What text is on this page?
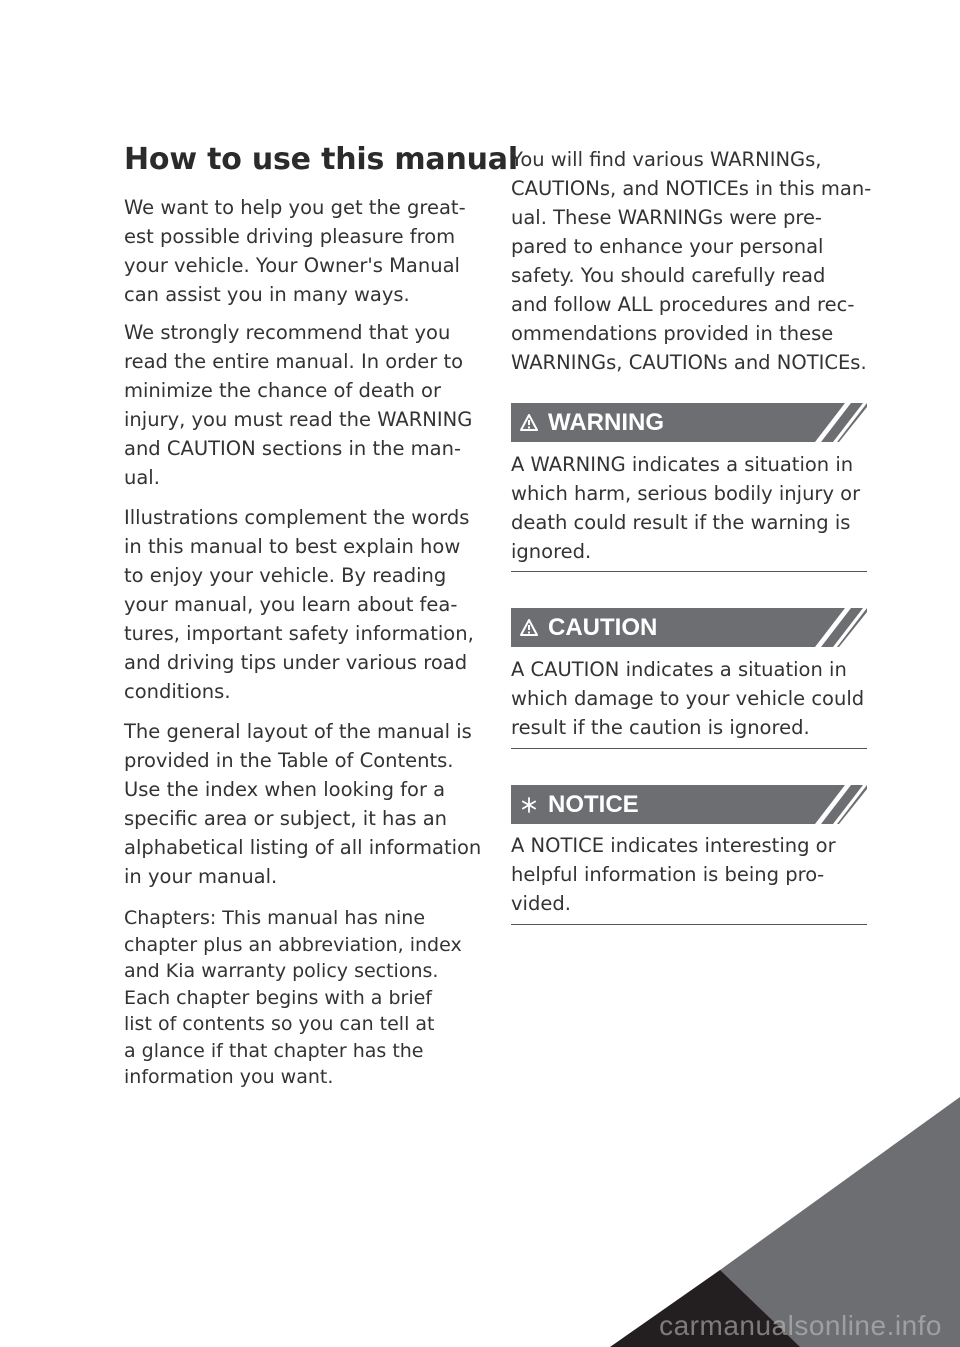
How to use this manual

We want to help you get the great‑
est possible driving pleasure from
your vehicle. Your Owner's Manual
can assist you in many ways.

We strongly recommend that you
read the entire manual. In order to
minimize the chance of death or
injury, you must read the WARNING
and CAUTION sections in the man‑
ual.

Illustrations complement the words
in this manual to best explain how
to enjoy your vehicle. By reading
your manual, you learn about fea‑
tures, important safety information,
and driving tips under various road
conditions.

The general layout of the manual is
provided in the Table of Contents.
Use the index when looking for a
specific area or subject, it has an
alphabetical listing of all information
in your manual.

Chapters: This manual has nine
chapter plus an abbreviation, index
and Kia warranty policy sections.
Each chapter begins with a brief
list of contents so you can tell at
a glance if that chapter has the
information you want.

You will find various WARNINGs,
CAUTIONs, and NOTICEs in this man‑
ual. These WARNINGs were pre‑
pared to enhance your personal
safety. You should carefully read
and follow ALL procedures and rec‑
ommendations provided in these
WARNINGs, CAUTIONs and NOTICEs.

WARNING

A WARNING indicates a situation in
which harm, serious bodily injury or
death could result if the warning is
ignored.

CAUTION

A CAUTION indicates a situation in
which damage to your vehicle could
result if the caution is ignored.

NOTICE

A NOTICE indicates interesting or
helpful information is being pro‑
vided.

carmanualsonline.info
